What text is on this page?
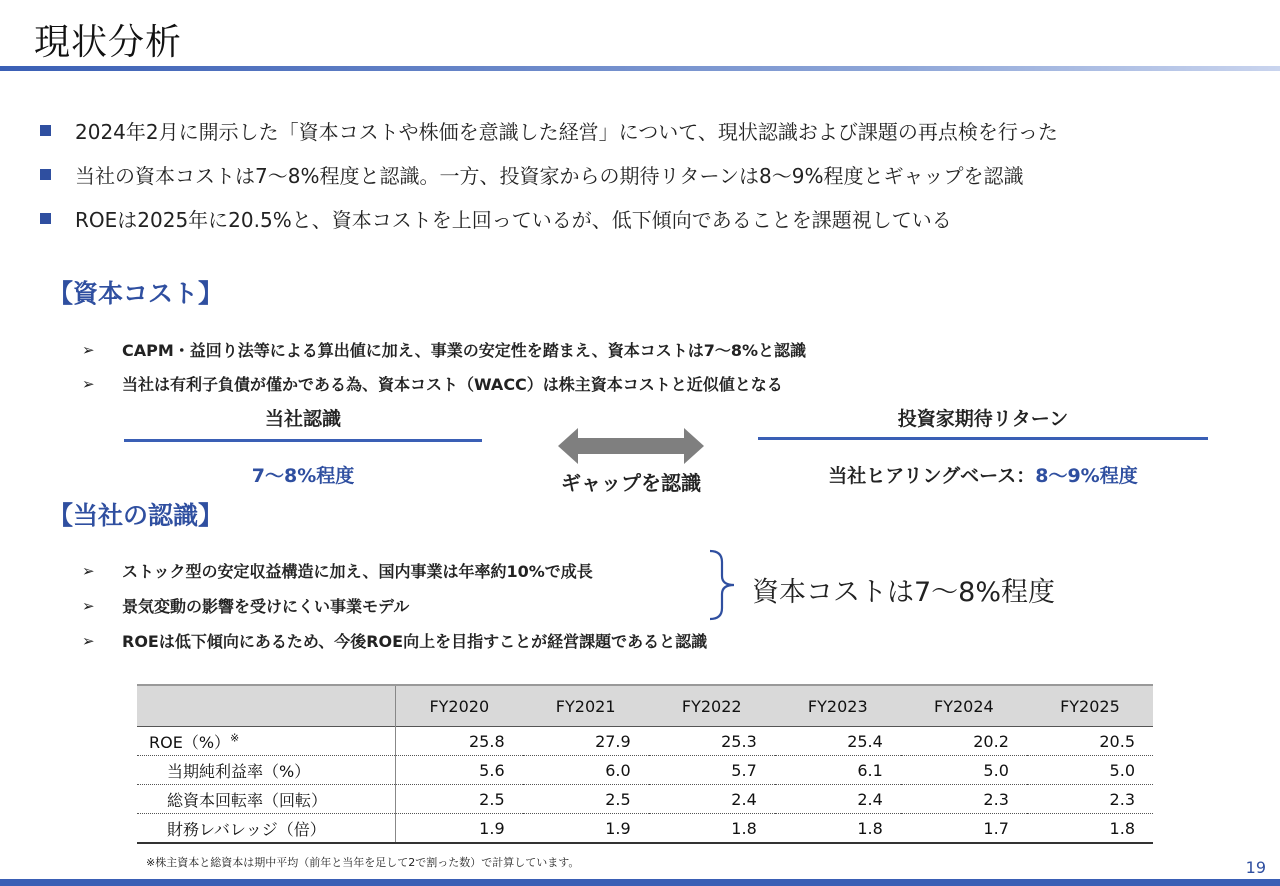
現状分析
2024年2月に開示した「資本コストや株価を意識した経営」について、現状認識および課題の再点検を行った
当社の資本コストは7～8%程度と認識。一方、投資家からの期待リターンは8～9%程度とギャップを認識
ROEは2025年に20.5%と、資本コストを上回っているが、低下傾向であることを課題視している
【資本コスト】
➢	CAPM・益回り法等による算出値に加え、事業の安定性を踏まえ、資本コストは7～8%と認識
➢	当社は有利子負債が僅かである為、資本コスト（WACC）は株主資本コストと近似値となる
当社認識
7～8%程度	ギャップを認識
投資家期待リターン
当社ヒアリングベース：8～9%程度
【当社の認識】
➢	ストック型の安定収益構造に加え、国内事業は年率約10%で成長
➢	景気変動の影響を受けにくい事業モデル
➢	ROEは低下傾向にあるため、今後ROE向上を目指すことが経営課題であると認識
資本コストは7～8%程度
	FY2020	FY2021	FY2022	FY2023	FY2024	FY2025
ROE（%）※	25.8	27.9	25.3	25.4	20.2	20.5
当期純利益率（%）	5.6	6.0	5.7	6.1	5.0	5.0
総資本回転率（回転）	2.5	2.5	2.4	2.4	2.3	2.3
財務レバレッジ（倍）	1.9	1.9	1.8	1.8	1.7	1.8
※株主資本と総資本は期中平均（前年と当年を足して2で割った数）で計算しています。	19
